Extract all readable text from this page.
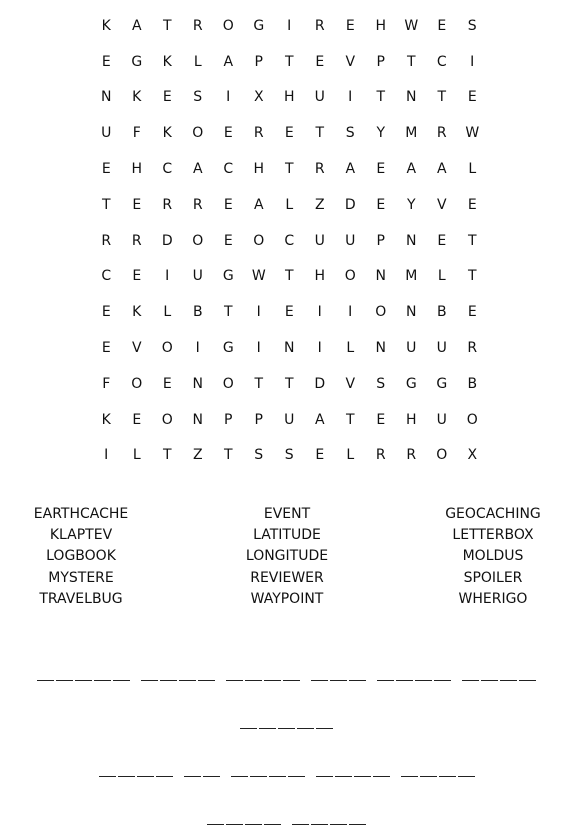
K	A	T	R	O	G	I	R	E	H	W	E	S
E	G	K	L	A	P	T	E	V	P	T	C	I
N	K	E	S	I	X	H	U	I	T	N	T	E
U	F	K	O	E	R	E	T	S	Y	M	R	W
E	H	C	A	C	H	T	R	A	E	A	A	L
T	E	R	R	E	A	L	Z	D	E	Y	V	E
R	R	D	O	E	O	C	U	U	P	N	E	T
C	E	I	U	G	W	T	H	O	N	M	L	T
E	K	L	B	T	I	E	I	I	O	N	B	E
E	V	O	I	G	I	N	I	L	N	U	U	R
F	O	E	N	O	T	T	D	V	S	G	G	B
K	E	O	N	P	P	U	A	T	E	H	U	O
I	L	T	Z	T	S	S	E	L	R	R	O	X
EARTHCACHE
KLAPTEV
LOGBOOK
MYSTERE
TRAVELBUG
EVENT
LATITUDE
LONGITUDE
REVIEWER
WAYPOINT
GEOCACHING
LETTERBOX
MOLDUS
SPOILER
WHERIGO
